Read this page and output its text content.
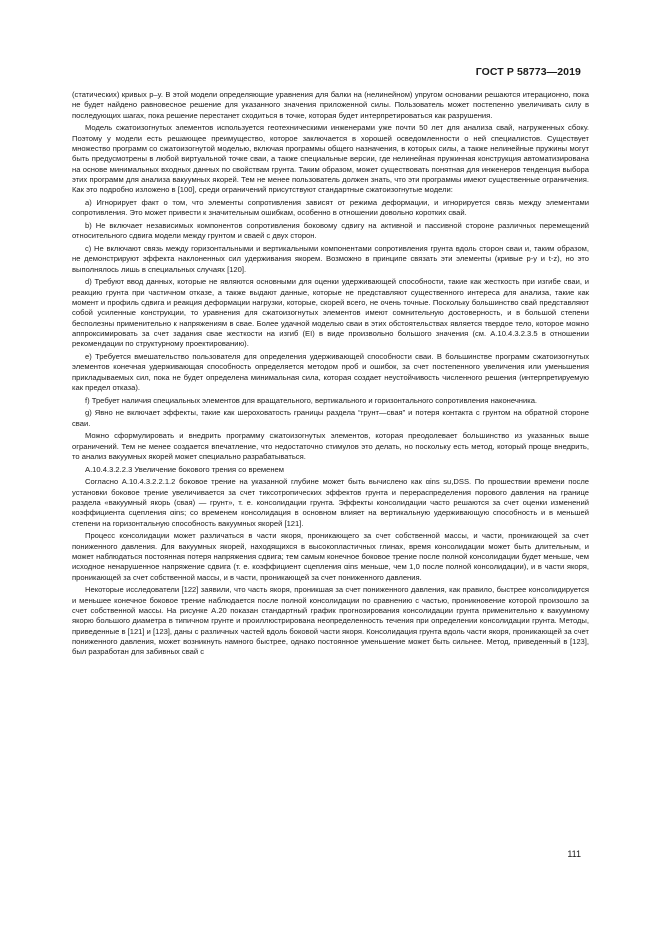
ГОСТ Р 58773—2019

(статических) кривых p–y. В этой модели определяющие уравнения для балки на (нелинейном) упругом основании решаются итерационно, пока не будет найдено равновесное решение для указанного значения приложенной силы. Пользователь может постепенно увеличивать силу в последующих шагах, пока решение перестанет сходиться в точке, которая будет интерпретироваться как разрушения.

Модель сжатоизогнутых элементов используется геотехническими инженерами уже почти 50 лет для анализа свай, нагруженных сбоку. Поэтому у модели есть решающее преимущество, которое заключается в хорошей осведомленности о ней специалистов. Существует множество программ со сжатоизогнутой моделью, включая программы общего назначения, в которых силы, а также нелинейные пружины могут быть предусмотрены в любой виртуальной точке сваи, а также специальные версии, где нелинейная пружинная конструкция автоматизирована на основе минимальных входных данных по свойствам грунта. Таким образом, может существовать понятная для инженеров тенденция выбора этих программ для анализа вакуумных якорей. Тем не менее пользователь должен знать, что эти программы имеют существенные ограничения. Как это подробно изложено в [100], среди ограничений присутствуют стандартные сжатоизогнутые модели:

a) Игнорирует факт о том, что элементы сопротивления зависят от режима деформации, и игнорируется связь между элементами сопротивления. Это может привести к значительным ошибкам, особенно в отношении довольно коротких свай.

b) Не включает независимых компонентов сопротивления боковому сдвигу на активной и пассивной стороне различных перемещений относительного сдвига модели между грунтом и сваей с двух сторон.

c) Не включают связь между горизонтальными и вертикальными компонентами сопротивления грунта вдоль сторон сваи и, таким образом, не демонстрируют эффекта наклоненных сил удерживания якорем. Возможно в принципе связать эти элементы (кривые p-y и t-z), но это выполнялось лишь в специальных случаях [120].

d) Требуют ввод данных, которые не являются основными для оценки удерживающей способности, такие как жесткость при изгибе сваи, и реакцию грунта при частичном отказе, а также выдают данные, которые не представляют существенного интереса для анализа, такие как момент и профиль сдвига и реакция деформации нагрузки, которые, скорей всего, не очень точные. Поскольку большинство свай представляют собой усиленные конструкции, то уравнения для сжатоизогнутых элементов имеют сомнительную достоверность, и в большой степени бесполезны применительно к напряжениям в свае. Более удачной моделью сваи в этих обстоятельствах является твердое тело, которое можно аппроксимировать за счет задания свае жесткости на изгиб (EI) в виде произвольно большого значения (см. А.10.4.3.2.3.5 в отношении рекомендации по структурному проектированию).

e) Требуется вмешательство пользователя для определения удерживающей способности сваи. В большинстве программ сжатоизогнутых элементов конечная удерживающая способность определяется методом проб и ошибок, за счет постепенного увеличения или уменьшения прикладываемых сил, пока не будет определена минимальная сила, которая создает неустойчивость численного решения (интерпретируемую как предел отказа).

f) Требует наличия специальных элементов для вращательного, вертикального и горизонтального сопротивления наконечника.

g) Явно не включает эффекты, такие как шероховатость границы раздела “грунт—свая” и потеря контакта с грунтом на обратной стороне сваи.

Можно сформулировать и внедрить программу сжатоизогнутых элементов, которая преодолевает большинство из указанных выше ограничений. Тем не менее создается впечатление, что недостаточно стимулов это делать, но поскольку есть метод, который проще внедрить, то анализ вакуумных якорей может специально разрабатываться.

А.10.4.3.2.2.3 Увеличение бокового трения со временем

Согласно А.10.4.3.2.2.1.2 боковое трение на указанной глубине может быть вычислено как αins su,DSS. По прошествии времени после установки боковое трение увеличивается за счет тиксотропических эффектов грунта и перераспределения порового давления на границе раздела «вакуумный якорь (свая) — грунт», т. е. консолидации грунта. Эффекты консолидации часто решаются за счет оценки изменений коэффициента сцепления αins; со временем консолидация в основном влияет на вертикальную удерживающую способность и в меньшей степени на горизонтальную способность вакуумных якорей [121].

Процесс консолидации может различаться в части якоря, проникающего за счет собственной массы, и части, проникающей за счет пониженного давления. Для вакуумных якорей, находящихся в высокопластичных глинах, время консолидации может быть длительным, и может наблюдаться постоянная потеря напряжения сдвига; тем самым конечное боковое трение после полной консолидации будет меньше, чем исходное ненарушенное напряжение сдвига (т. е. коэффициент сцепления αins меньше, чем 1,0 после полной консолидации), и в части якоря, проникающей за счет собственной массы, и в части, проникающей за счет пониженного давления.

Некоторые исследователи [122] заявили, что часть якоря, проникшая за счет пониженного давления, как правило, быстрее консолидируется и меньшее конечное боковое трение наблюдается после полной консолидации по сравнению с частью, проникновение которой произошло за счет собственной массы. На рисунке А.20 показан стандартный график прогнозирования консолидации грунта применительно к вакуумному якорю большого диаметра в типичном грунте и проиллюстрирована неопределенность течения при определении консолидации грунта. Методы, приведенные в [121] и [123], даны с различных частей вдоль боковой части якоря. Консолидация грунта вдоль части якоря, проникающей за счет пониженного давления, может возникнуть намного быстрее, однако постоянное уменьшение может быть сильнее. Метод, приведенный в [123], был разработан для забивных свай с

111
